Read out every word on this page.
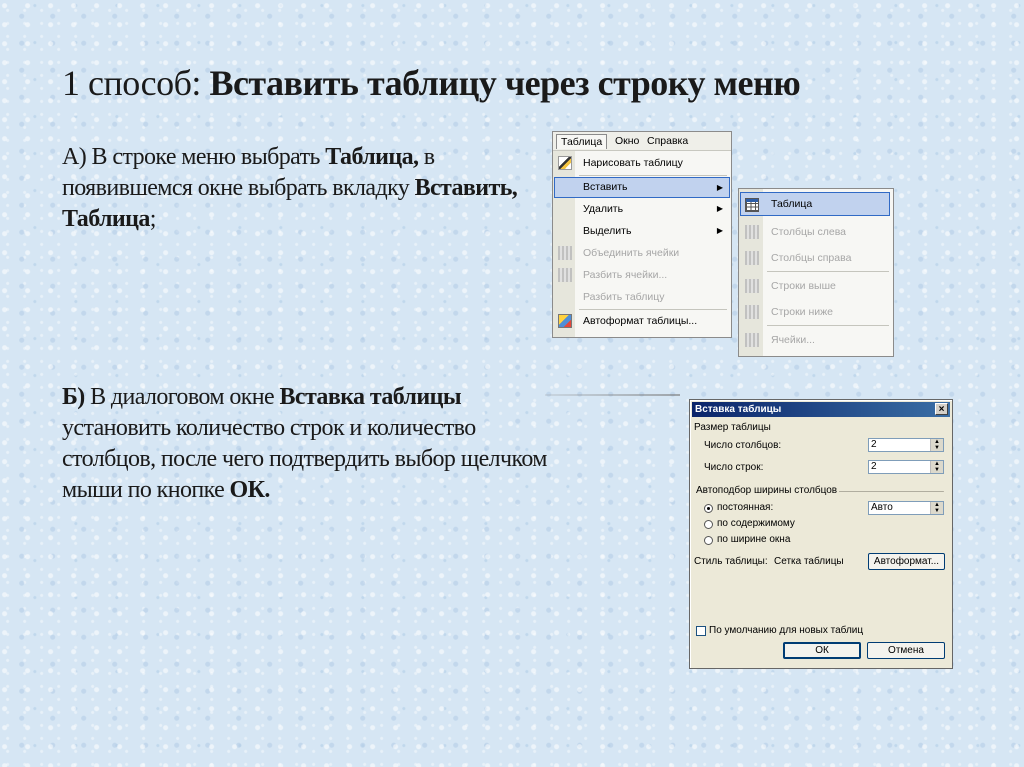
1 способ: Вставить таблицу через строку меню
А) В строке меню выбрать Таблица, в появившемся окне выбрать вкладку Вставить, Таблица;
Б) В диалоговом окне Вставка таблицы
установить количество строк и количество
столбцов, после чего подтвердить выбор щелчком
мыши по кнопке ОК.
Таблица	Окно Справка
Нарисовать таблицу
Вставить	▶
Удалить	▶
Выделить	▶
Объединить ячейки
Разбить ячейки...
Разбить таблицу
Автоформат таблицы...
Таблица
Столбцы слева
Столбцы справа
Строки выше
Строки ниже
Ячейки...
Вставка таблицы	×
Размер таблицы
Число столбцов:	2	▲
▼
Число строк:	2	▲
▼
Автоподбор ширины столбцов
постоянная:	Авто	▲
▼
по содержимому
по ширине окна
Стиль таблицы: Сетка таблицы	Автоформат...
По умолчанию для новых таблиц
ОК	Отмена
